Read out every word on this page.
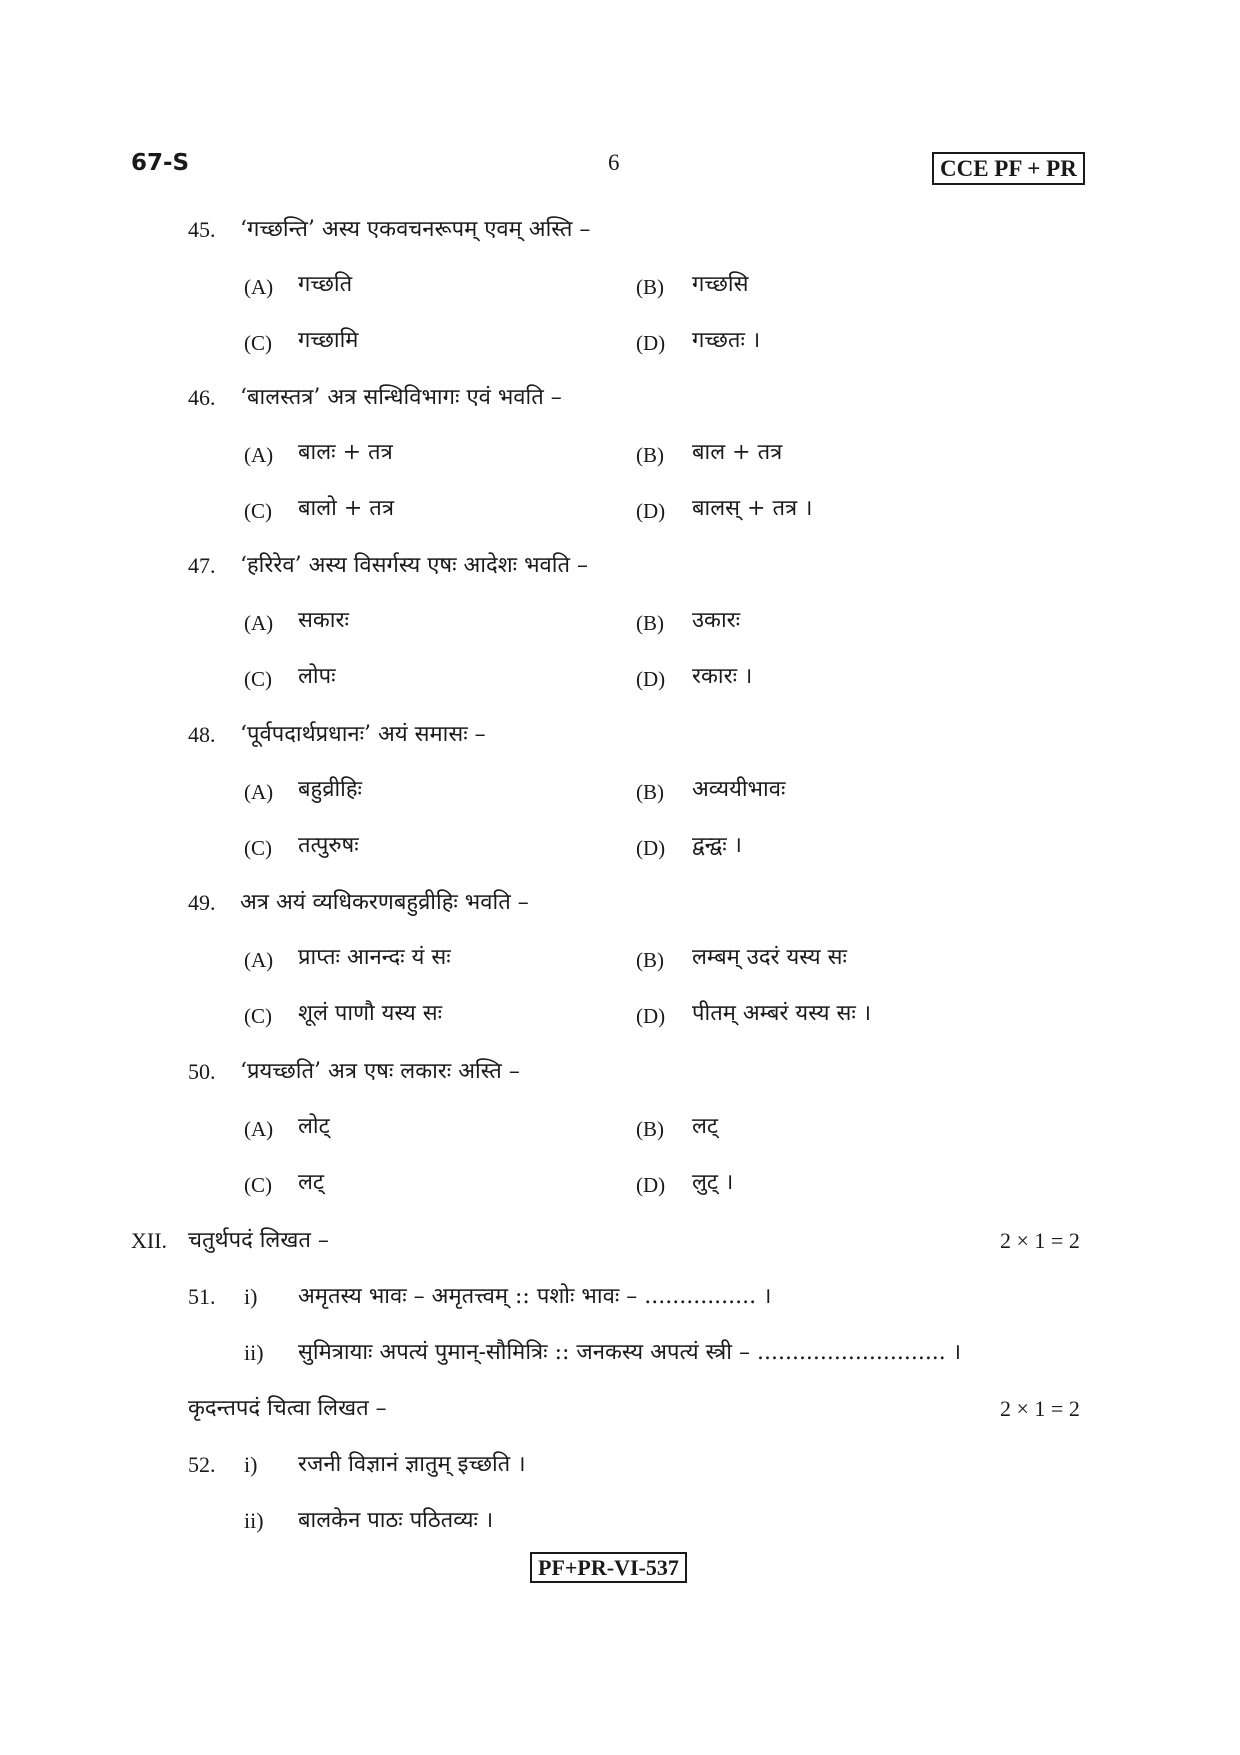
67-S	6	CCE PF + PR
45. ‘गच्छन्ति’ अस्य एकवचनरूपम् एवम् अस्ति –
(A) गच्छति	(B) गच्छसि
(C) गच्छामि	(D) गच्छतः ।
46. ‘बालस्तत्र’ अत्र सन्धिविभागः एवं भवति –
(A) बालः + तत्र	(B) बाल + तत्र
(C) बालो + तत्र	(D) बालस् + तत्र ।
47. ‘हरिरेव’ अस्य विसर्गस्य एषः आदेशः भवति –
(A) सकारः	(B) उकारः
(C) लोपः	(D) रकारः ।
48. ‘पूर्वपदार्थप्रधानः’ अयं समासः –
(A) बहुव्रीहिः	(B) अव्ययीभावः
(C) तत्पुरुषः	(D) द्वन्द्वः ।
49. अत्र अयं व्यधिकरणबहुव्रीहिः भवति –
(A) प्राप्तः आनन्दः यं सः	(B) लम्बम् उदरं यस्य सः
(C) शूलं पाणौ यस्य सः	(D) पीतम् अम्बरं यस्य सः ।
50. ‘प्रयच्छति’ अत्र एषः लकारः अस्ति –
(A) लोट्	(B) लट्
(C) लट्	(D) लुट् ।
XII. चतुर्थपदं लिखत –	2 × 1 = 2
51. i) अमृतस्य भावः – अमृतत्त्वम् :: पशोः भावः – ................ ।
ii) सुमित्रायाः अपत्यं पुमान्-सौमित्रिः :: जनकस्य अपत्यं स्त्री – ........................... ।
कृदन्तपदं चित्वा लिखत –	2 × 1 = 2
52. i) रजनी विज्ञानं ज्ञातुम् इच्छति ।
ii) बालकेन पाठः पठितव्यः ।
PF+PR-VI-537
